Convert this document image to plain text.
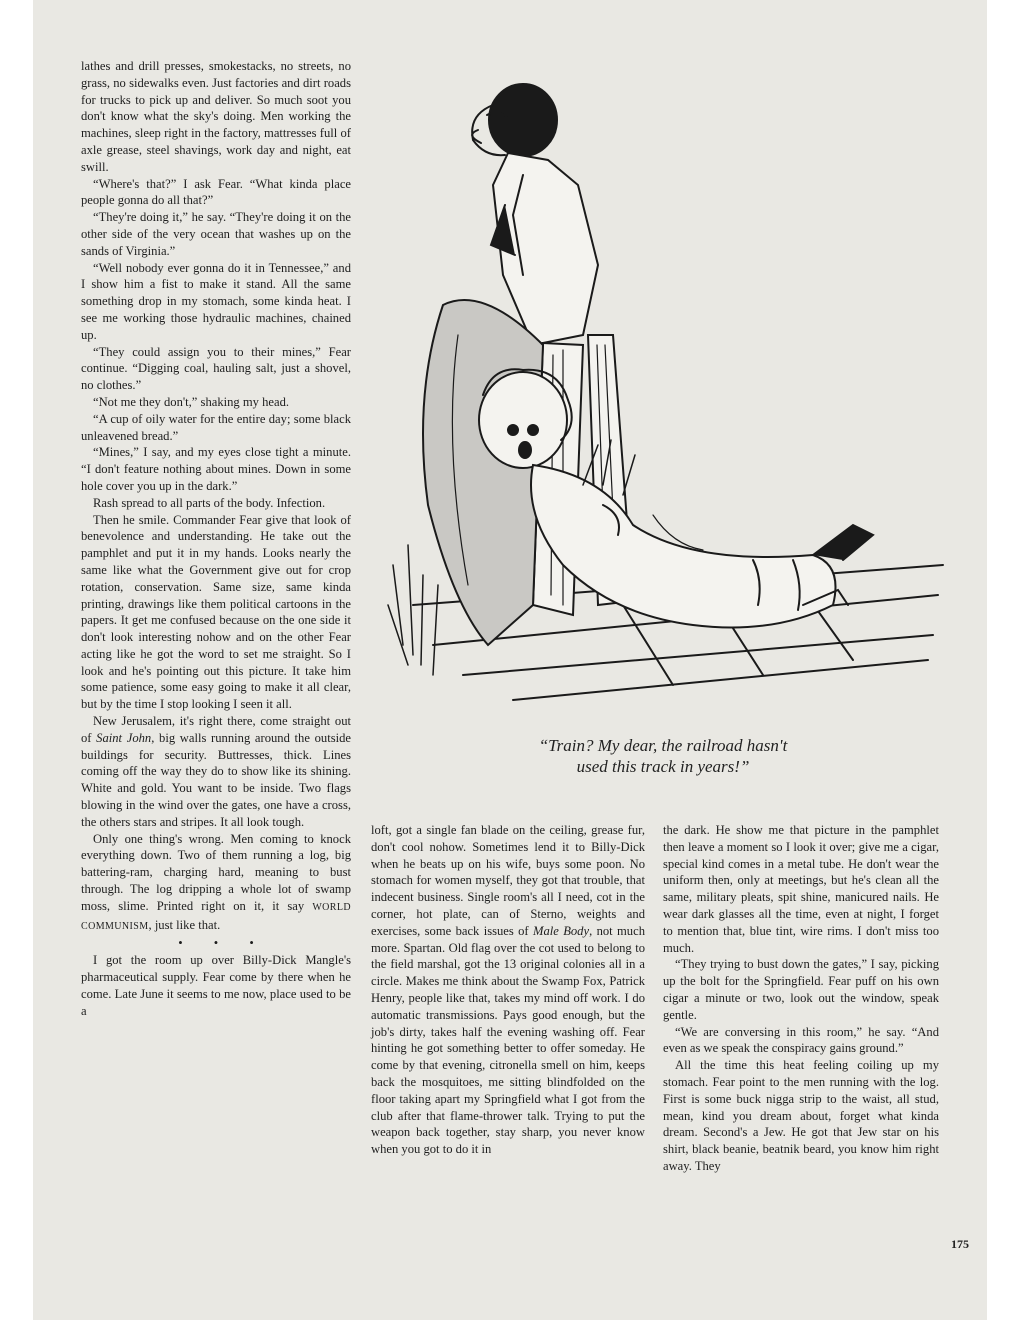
lathes and drill presses, smokestacks, no streets, no grass, no sidewalks even. Just factories and dirt roads for trucks to pick up and deliver. So much soot you don't know what the sky's doing. Men working the machines, sleep right in the factory, mattresses full of axle grease, steel shavings, work day and night, eat swill.

“Where's that?” I ask Fear. “What kinda place people gonna do all that?”

“They're doing it,” he say. “They're doing it on the other side of the very ocean that washes up on the sands of Virginia.”

“Well nobody ever gonna do it in Tennessee,” and I show him a fist to make it stand. All the same something drop in my stomach, some kinda heat. I see me working those hydraulic machines, chained up.

“They could assign you to their mines,” Fear continue. “Digging coal, hauling salt, just a shovel, no clothes.”

“Not me they don't,” shaking my head.

“A cup of oily water for the entire day; some black unleavened bread.”

“Mines,” I say, and my eyes close tight a minute. “I don't feature nothing about mines. Down in some hole cover you up in the dark.”

Rash spread to all parts of the body. Infection.

Then he smile. Commander Fear give that look of benevolence and understanding. He take out the pamphlet and put it in my hands. Looks nearly the same like what the Government give out for crop rotation, conservation. Same size, same kinda printing, drawings like them political cartoons in the papers. It get me confused because on the one side it don't look interesting nohow and on the other Fear acting like he got the word to set me straight. So I look and he's pointing out this picture. It take him some patience, some easy going to make it all clear, but by the time I stop looking I seen it all.

New Jerusalem, it's right there, come straight out of Saint John, big walls running around the outside buildings for security. Buttresses, thick. Lines coming off the way they do to show like its shining. White and gold. You want to be inside. Two flags blowing in the wind over the gates, one have a cross, the others stars and stripes. It all look tough.

Only one thing's wrong. Men coming to knock everything down. Two of them running a log, big battering-ram, charging hard, meaning to bust through. The log dripping a whole lot of swamp moss, slime. Printed right on it, it say WORLD COMMUNISM, just like that.

• • •

I got the room up over Billy-Dick Mangle's pharmaceutical supply. Fear come by there when he come. Late June it seems to me now, place used to be a

“Train? My dear, the railroad hasn't
used this track in years!”

loft, got a single fan blade on the ceiling, grease fur, don't cool nohow. Sometimes lend it to Billy-Dick when he beats up on his wife, buys some poon. No stomach for women myself, they got that trouble, that indecent business. Single room's all I need, cot in the corner, hot plate, can of Sterno, weights and exercises, some back issues of Male Body, not much more. Spartan. Old flag over the cot used to belong to the field marshal, got the 13 original colonies all in a circle. Makes me think about the Swamp Fox, Patrick Henry, people like that, takes my mind off work. I do automatic transmissions. Pays good enough, but the job's dirty, takes half the evening washing off. Fear hinting he got something better to offer someday. He come by that evening, citronella smell on him, keeps back the mosquitoes, me sitting blindfolded on the floor taking apart my Springfield what I got from the club after that flame-thrower talk. Trying to put the weapon back together, stay sharp, you never know when you got to do it in

the dark. He show me that picture in the pamphlet then leave a moment so I look it over; give me a cigar, special kind comes in a metal tube. He don't wear the uniform then, only at meetings, but he's clean all the same, military pleats, spit shine, manicured nails. He wear dark glasses all the time, even at night, I forget to mention that, blue tint, wire rims. I don't miss too much.

“They trying to bust down the gates,” I say, picking up the bolt for the Springfield. Fear puff on his own cigar a minute or two, look out the window, speak gentle.

“We are conversing in this room,” he say. “And even as we speak the conspiracy gains ground.”

All the time this heat feeling coiling up my stomach. Fear point to the men running with the log. First is some buck nigga strip to the waist, all stud, mean, kind you dream about, forget what kinda dream. Second's a Jew. He got that Jew star on his shirt, black beanie, beatnik beard, you know him right away. They

175
